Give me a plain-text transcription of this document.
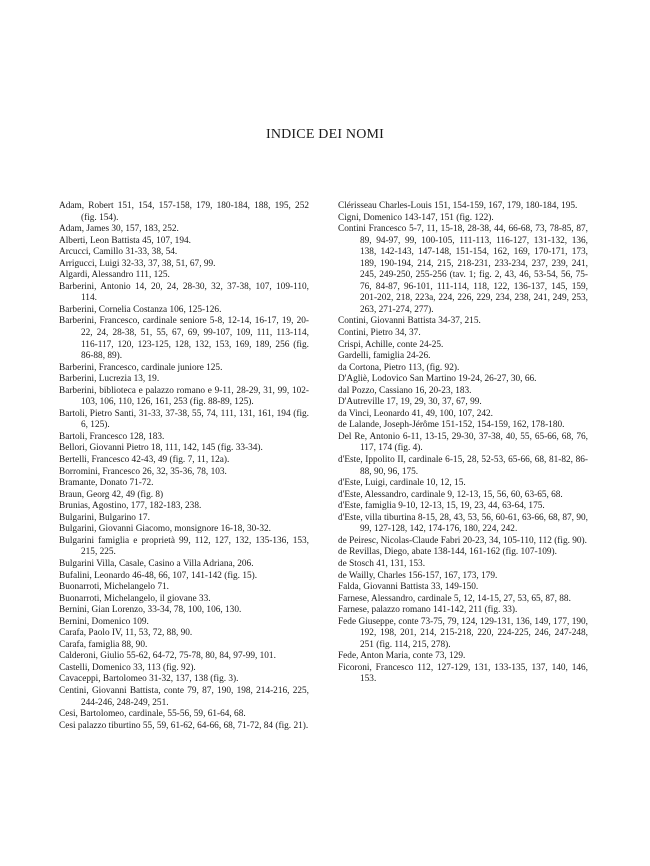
INDICE DEI NOMI

Adam, Robert 151, 154, 157-158, 179, 180-184, 188, 195, 252 (fig. 154).

Adam, James 30, 157, 183, 252.

Alberti, Leon Battista 45, 107, 194.

Arcucci, Camillo 31-33, 38, 54.

Arrigucci, Luigi 32-33, 37, 38, 51, 67, 99.

Algardi, Alessandro 111, 125.

Barberini, Antonio 14, 20, 24, 28-30, 32, 37-38, 107, 109-110, 114.

Barberini, Cornelia Costanza 106, 125-126.

Barberini, Francesco, cardinale seniore 5-8, 12-14, 16-17, 19, 20-22, 24, 28-38, 51, 55, 67, 69, 99-107, 109, 111, 113-114, 116-117, 120, 123-125, 128, 132, 153, 169, 189, 256 (fig. 86-88, 89).

Barberini, Francesco, cardinale juniore 125.

Barberini, Lucrezia 13, 19.

Barberini, biblioteca e palazzo romano e 9-11, 28-29, 31, 99, 102-103, 106, 110, 126, 161, 253 (fig. 88-89, 125).

Bartoli, Pietro Santi, 31-33, 37-38, 55, 74, 111, 131, 161, 194 (fig. 6, 125).

Bartoli, Francesco 128, 183.

Bellori, Giovanni Pietro 18, 111, 142, 145 (fig. 33-34).

Bertelli, Francesco 42-43, 49 (fig. 7, 11, 12a).

Borromini, Francesco 26, 32, 35-36, 78, 103.

Bramante, Donato 71-72.

Braun, Georg 42, 49 (fig. 8)

Brunias, Agostino, 177, 182-183, 238.

Bulgarini, Bulgarino 17.

Bulgarini, Giovanni Giacomo, monsignore 16-18, 30-32.

Bulgarini famiglia e proprietà 99, 112, 127, 132, 135-136, 153, 215, 225.

Bulgarini Villa, Casale, Casino a Villa Adriana, 206.

Bufalini, Leonardo 46-48, 66, 107, 141-142 (fig. 15).

Buonarroti, Michelangelo 71.

Buonarroti, Michelangelo, il giovane 33.

Bernini, Gian Lorenzo, 33-34, 78, 100, 106, 130.

Bernini, Domenico 109.

Carafa, Paolo IV, 11, 53, 72, 88, 90.

Carafa, famiglia 88, 90.

Calderoni, Giulio 55-62, 64-72, 75-78, 80, 84, 97-99, 101.

Castelli, Domenico 33, 113 (fig. 92).

Cavaceppi, Bartolomeo 31-32, 137, 138 (fig. 3).

Centini, Giovanni Battista, conte 79, 87, 190, 198, 214-216, 225, 244-246, 248-249, 251.

Cesi, Bartolomeo, cardinale, 55-56, 59, 61-64, 68.

Cesi palazzo tiburtino 55, 59, 61-62, 64-66, 68, 71-72, 84 (fig. 21).

Clérisseau Charles-Louis 151, 154-159, 167, 179, 180-184, 195.

Cigni, Domenico 143-147, 151 (fig. 122).

Contini Francesco 5-7, 11, 15-18, 28-38, 44, 66-68, 73, 78-85, 87, 89, 94-97, 99, 100-105, 111-113, 116-127, 131-132, 136, 138, 142-143, 147-148, 151-154, 162, 169, 170-171, 173, 189, 190-194, 214, 215, 218-231, 233-234, 237, 239, 241, 245, 249-250, 255-256 (tav. 1; fig. 2, 43, 46, 53-54, 56, 75-76, 84-87, 96-101, 111-114, 118, 122, 136-137, 145, 159, 201-202, 218, 223a, 224, 226, 229, 234, 238, 241, 249, 253, 263, 271-274, 277).

Contini, Giovanni Battista 34-37, 215.

Contini, Pietro 34, 37.

Crispi, Achille, conte 24-25.

Gardelli, famiglia 24-26.

da Cortona, Pietro 113, (fig. 92).

D'Agliè, Lodovico San Martino 19-24, 26-27, 30, 66.

dal Pozzo, Cassiano 16, 20-23, 183.

D'Autreville 17, 19, 29, 30, 37, 67, 99.

da Vinci, Leonardo 41, 49, 100, 107, 242.

de Lalande, Joseph-Jérôme 151-152, 154-159, 162, 178-180.

Del Re, Antonio 6-11, 13-15, 29-30, 37-38, 40, 55, 65-66, 68, 76, 117, 174 (fig. 4).

d'Este, Ippolito II, cardinale 6-15, 28, 52-53, 65-66, 68, 81-82, 86-88, 90, 96, 175.

d'Este, Luigi, cardinale 10, 12, 15.

d'Este, Alessandro, cardinale 9, 12-13, 15, 56, 60, 63-65, 68.

d'Este, famiglia 9-10, 12-13, 15, 19, 23, 44, 63-64, 175.

d'Este, villa tiburtina 8-15, 28, 43, 53, 56, 60-61, 63-66, 68, 87, 90, 99, 127-128, 142, 174-176, 180, 224, 242.

de Peiresc, Nicolas-Claude Fabri 20-23, 34, 105-110, 112 (fig. 90).

de Revillas, Diego, abate 138-144, 161-162 (fig. 107-109).

de Stosch 41, 131, 153.

de Wailly, Charles 156-157, 167, 173, 179.

Falda, Giovanni Battista 33, 149-150.

Farnese, Alessandro, cardinale 5, 12, 14-15, 27, 53, 65, 87, 88.

Farnese, palazzo romano 141-142, 211 (fig. 33).

Fede Giuseppe, conte 73-75, 79, 124, 129-131, 136, 149, 177, 190, 192, 198, 201, 214, 215-218, 220, 224-225, 246, 247-248, 251 (fig. 114, 215, 278).

Fede, Anton Maria, conte 73, 129.

Ficoroni, Francesco 112, 127-129, 131, 133-135, 137, 140, 146, 153.
